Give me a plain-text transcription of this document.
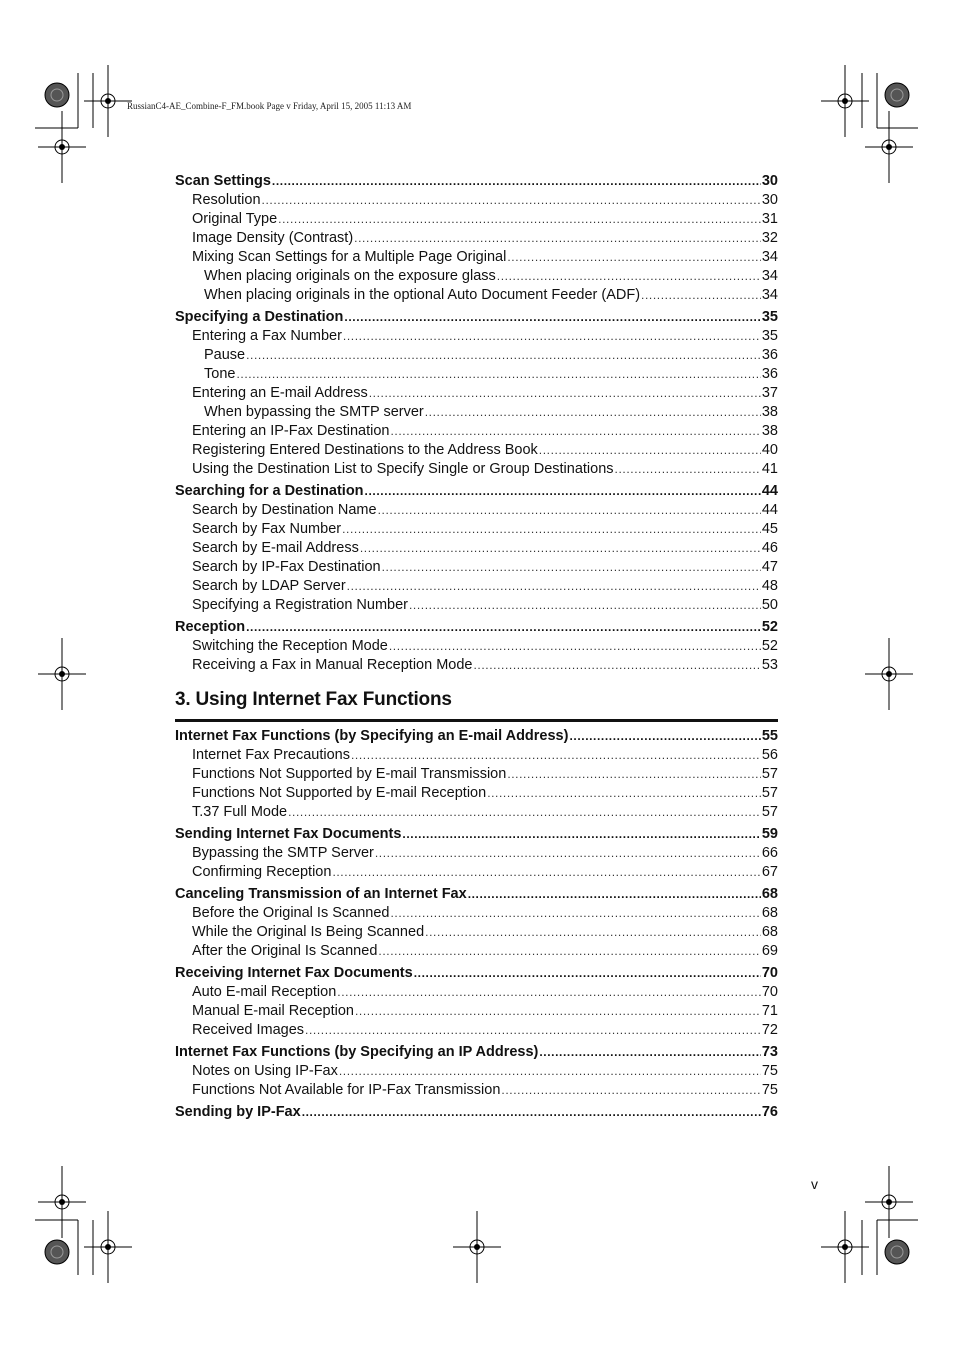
RussianC4-AE_Combine-F_FM.book Page v Friday, April 15, 2005 11:13 AM
Scan Settings .....	30
Resolution .....	30
Original Type .....	31
Image Density (Contrast) .....	32
Mixing Scan Settings for a Multiple Page Original .....	34
When placing originals on the exposure glass .....	34
When placing originals in the optional Auto Document Feeder (ADF) .....	34
Specifying a Destination .....	35
Entering a Fax Number .....	35
Pause .....	36
Tone .....	36
Entering an E-mail Address .....	37
When bypassing the SMTP server .....	38
Entering an IP-Fax Destination .....	38
Registering Entered Destinations to the Address Book .....	40
Using the Destination List to Specify Single or Group Destinations .....	41
Searching for a Destination .....	44
Search by Destination Name .....	44
Search by Fax Number .....	45
Search by E-mail Address .....	46
Search by IP-Fax Destination .....	47
Search by LDAP Server .....	48
Specifying a Registration Number .....	50
Reception .....	52
Switching the Reception Mode .....	52
Receiving a Fax in Manual Reception Mode .....	53
3. Using Internet Fax Functions
Internet Fax Functions (by Specifying an E-mail Address) .....	55
Internet Fax Precautions .....	56
Functions Not Supported by E-mail Transmission .....	57
Functions Not Supported by E-mail Reception .....	57
T.37 Full Mode .....	57
Sending Internet Fax Documents .....	59
Bypassing the SMTP Server .....	66
Confirming Reception .....	67
Canceling Transmission of an Internet Fax .....	68
Before the Original Is Scanned .....	68
While the Original Is Being Scanned .....	68
After the Original Is Scanned .....	69
Receiving Internet Fax Documents .....	70
Auto E-mail Reception .....	70
Manual E-mail Reception .....	71
Received Images .....	72
Internet Fax Functions (by Specifying an IP Address) .....	73
Notes on Using IP-Fax .....	75
Functions Not Available for IP-Fax Transmission .....	75
Sending by IP-Fax .....	76
v
